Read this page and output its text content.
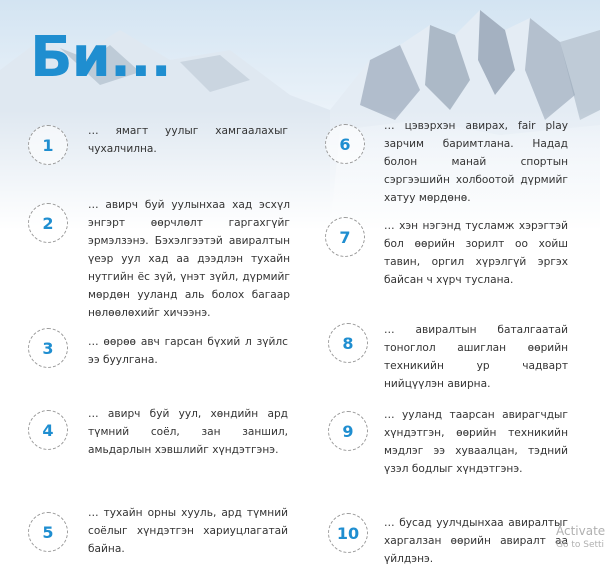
Би...
1
… ямагт уулыг хамгаалахыг чухалчилна.
2
… авирч буй уулынхаа хад эсхүл энгэрт өөрчлөлт гаргахгүйг эрмэлзэнэ. Бэхэлгээтэй авиралтын үеэр уул хад аа дээдлэн тухайн нутгийн ёс зүй, үнэт зүйл, дүрмийг мөрдөн ууланд аль болох багаар нөлөөлөхийг хичээнэ.
3	… өөрөө авч гарсан бүхий л зүйлс ээ буулгана.
4
… авирч буй уул, хөндийн ард түмний соёл, зан заншил, амьдарлын хэвшлийг хүндэтгэнэ.
5
… тухайн орны хууль, ард түмний соёлыг хүндэтгэн хариуцлагатай байна.
6
… цэвэрхэн авирах, fair play зарчим баримтлана. Надад болон манай спортын сэргээшийн холбоотой дүрмийг хатуу мөрдөнө.
7
… хэн нэгэнд тусламж хэрэгтэй бол өөрийн зорилт оо хойш тавин, оргил хүрэлгүй эргэх байсан ч хүрч туслана.
8
… авиралтын баталгаатай тоноглол ашиглан өөрийн техникийн ур чадварт нийцүүлэн авирна.
9
… ууланд таарсан авирагчдыг хүндэтгэн, өөрийн техникийн мэдлэг ээ хуваалцан, тэдний үзэл бодлыг хүндэтгэнэ.
10
… бусад уулчдынхаа авиралтыг харгалзан өөрийн авиралт аа үйлдэнэ.
Activate
Go to Setti
